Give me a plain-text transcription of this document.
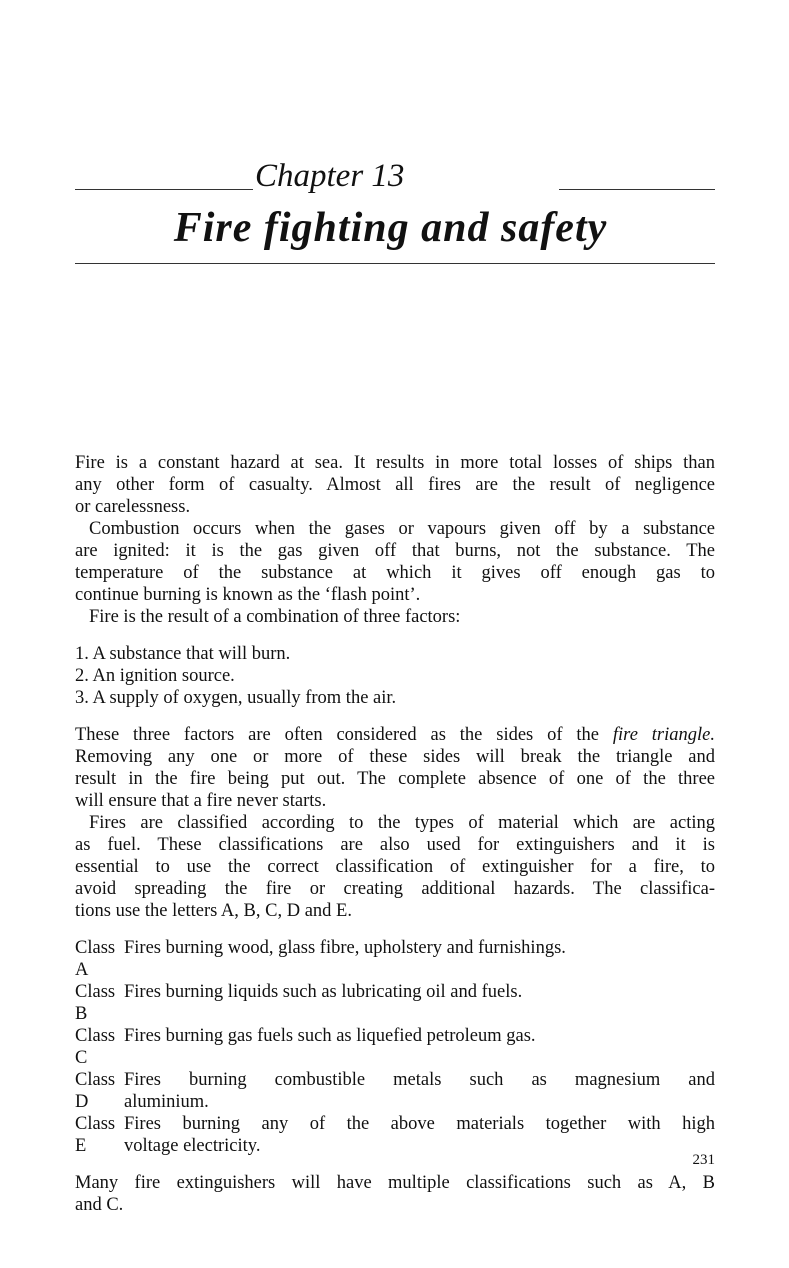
Chapter 13
Fire fighting and safety
Fire is a constant hazard at sea. It results in more total losses of ships than
any other form of casualty. Almost all fires are the result of negligence
or carelessness.
Combustion occurs when the gases or vapours given off by a substance
are ignited: it is the gas given off that burns, not the substance. The
temperature of the substance at which it gives off enough gas to
continue burning is known as the ‘flash point’.
Fire is the result of a combination of three factors:
1. A substance that will burn.
2. An ignition source.
3. A supply of oxygen, usually from the air.
These three factors are often considered as the sides of the fire triangle.
Removing any one or more of these sides will break the triangle and
result in the fire being put out. The complete absence of one of the three
will ensure that a fire never starts.
Fires are classified according to the types of material which are acting
as fuel. These classifications are also used for extinguishers and it is
essential to use the correct classification of extinguisher for a fire, to
avoid spreading the fire or creating additional hazards. The classifica-
tions use the letters A, B, C, D and E.
Class A
Fires burning wood, glass fibre, upholstery and furnishings.
Class B
Fires burning liquids such as lubricating oil and fuels.
Class C
Fires burning gas fuels such as liquefied petroleum gas.
Class D
Fires burning combustible metals such as magnesium and
aluminium.
Class E
Fires burning any of the above materials together with high
voltage electricity.
Many fire extinguishers will have multiple classifications such as A, B
and C.
231
